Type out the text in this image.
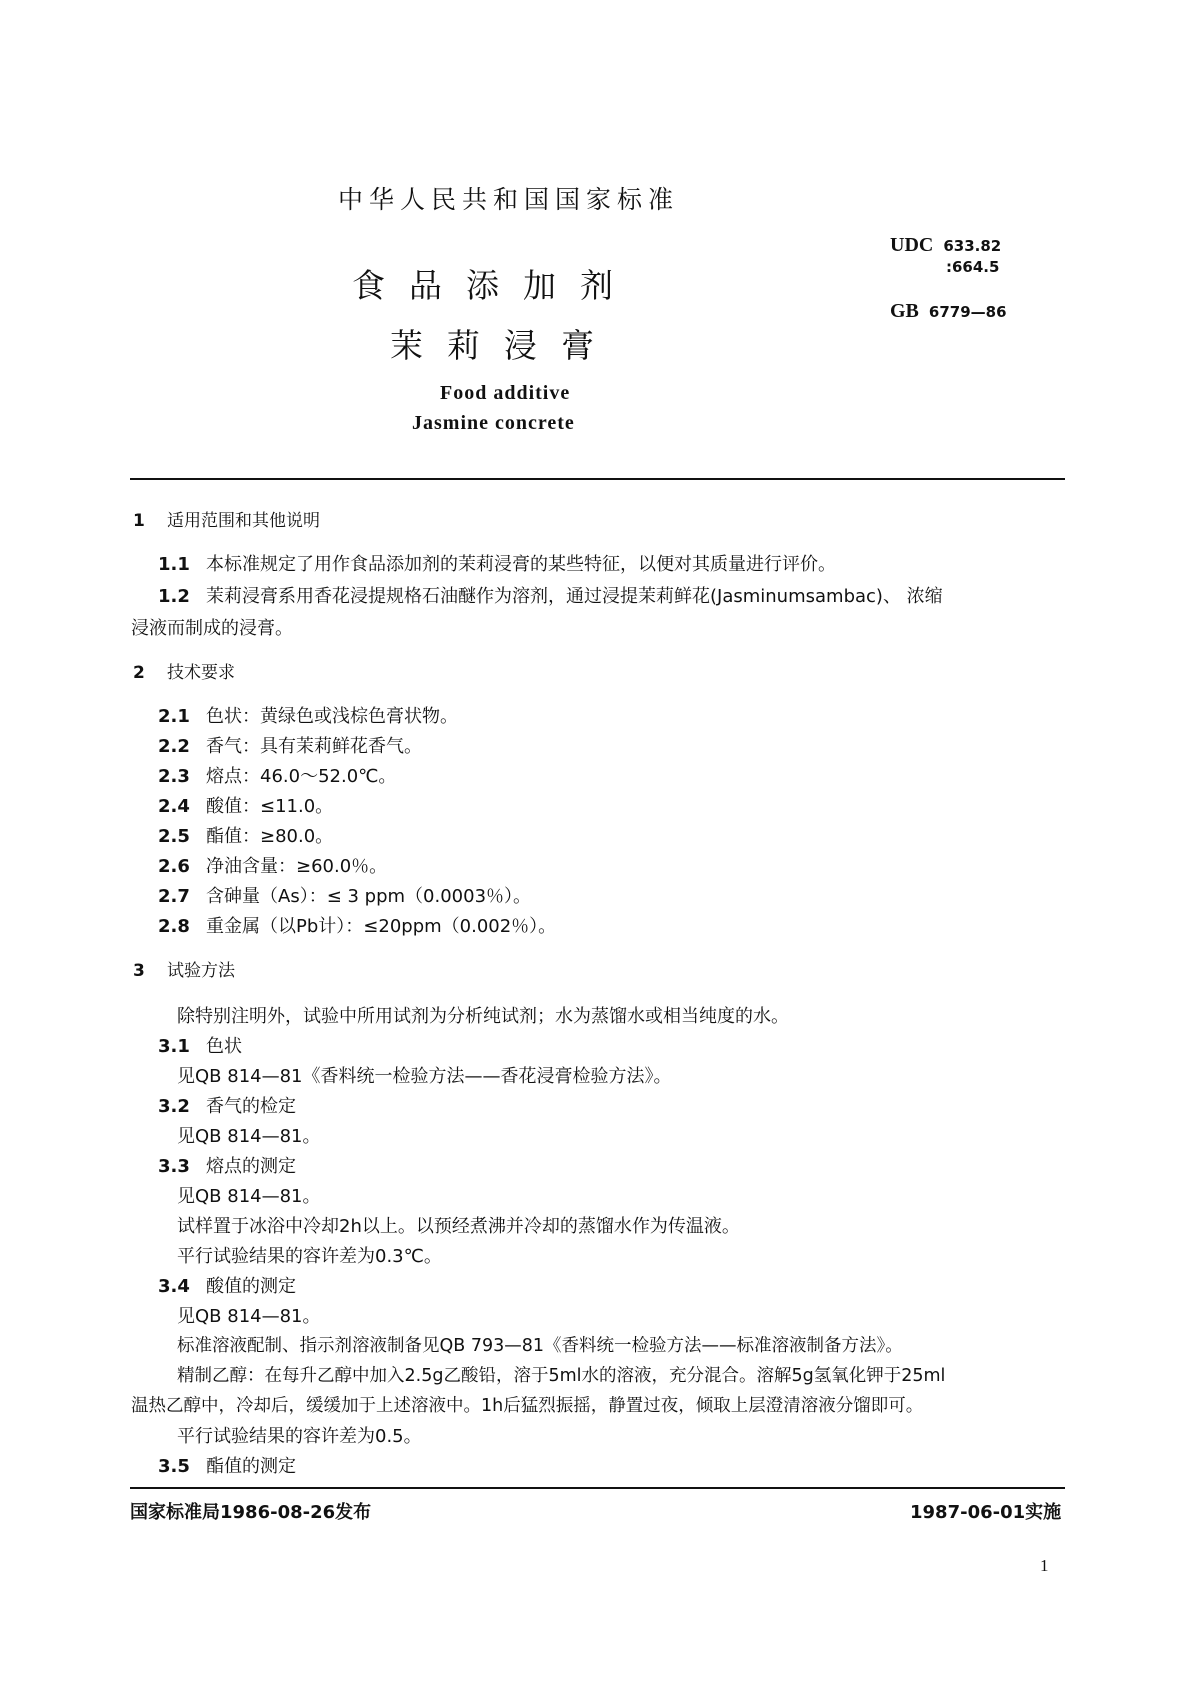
中华人民共和国国家标准
食品添加剂
茉莉浸膏
Food additive
Jasmine concrete
UDC 633.82
:664.5
GB 6779—86
1 适用范围和其他说明
1.1 本标准规定了用作食品添加剂的茉莉浸膏的某些特征，以便对其质量进行评价。
1.2 茉莉浸膏系用香花浸提规格石油醚作为溶剂，通过浸提茉莉鲜花(Jasminumsambac)、 浓缩
浸液而制成的浸膏。
2 技术要求
2.1 色状：黄绿色或浅棕色膏状物。
2.2 香气：具有茉莉鲜花香气。
2.3 熔点：46.0～52.0℃。
2.4 酸值：≤11.0。
2.5 酯值：≥80.0。
2.6 净油含量：≥60.0％。
2.7 含砷量（As）：≤ 3 ppm（0.0003％）。
2.8 重金属（以Pb计）：≤20ppm（0.002％）。
3 试验方法
除特别注明外，试验中所用试剂为分析纯试剂；水为蒸馏水或相当纯度的水。
3.1 色状
见QB 814—81《香料统一检验方法——香花浸膏检验方法》。
3.2 香气的检定
见QB 814—81。
3.3 熔点的测定
见QB 814—81。
试样置于冰浴中冷却2h以上。以预经煮沸并冷却的蒸馏水作为传温液。
平行试验结果的容许差为0.3℃。
3.4 酸值的测定
见QB 814—81。
标准溶液配制、指示剂溶液制备见QB 793—81《香料统一检验方法——标准溶液制备方法》。
精制乙醇：在每升乙醇中加入2.5g乙酸铅，溶于5ml水的溶液，充分混合。溶解5g氢氧化钾于25ml
温热乙醇中，冷却后，缓缓加于上述溶液中。1h后猛烈振摇，静置过夜，倾取上层澄清溶液分馏即可。
平行试验结果的容许差为0.5。
3.5 酯值的测定
国家标准局1986-08-26发布	1987-06-01实施
1
